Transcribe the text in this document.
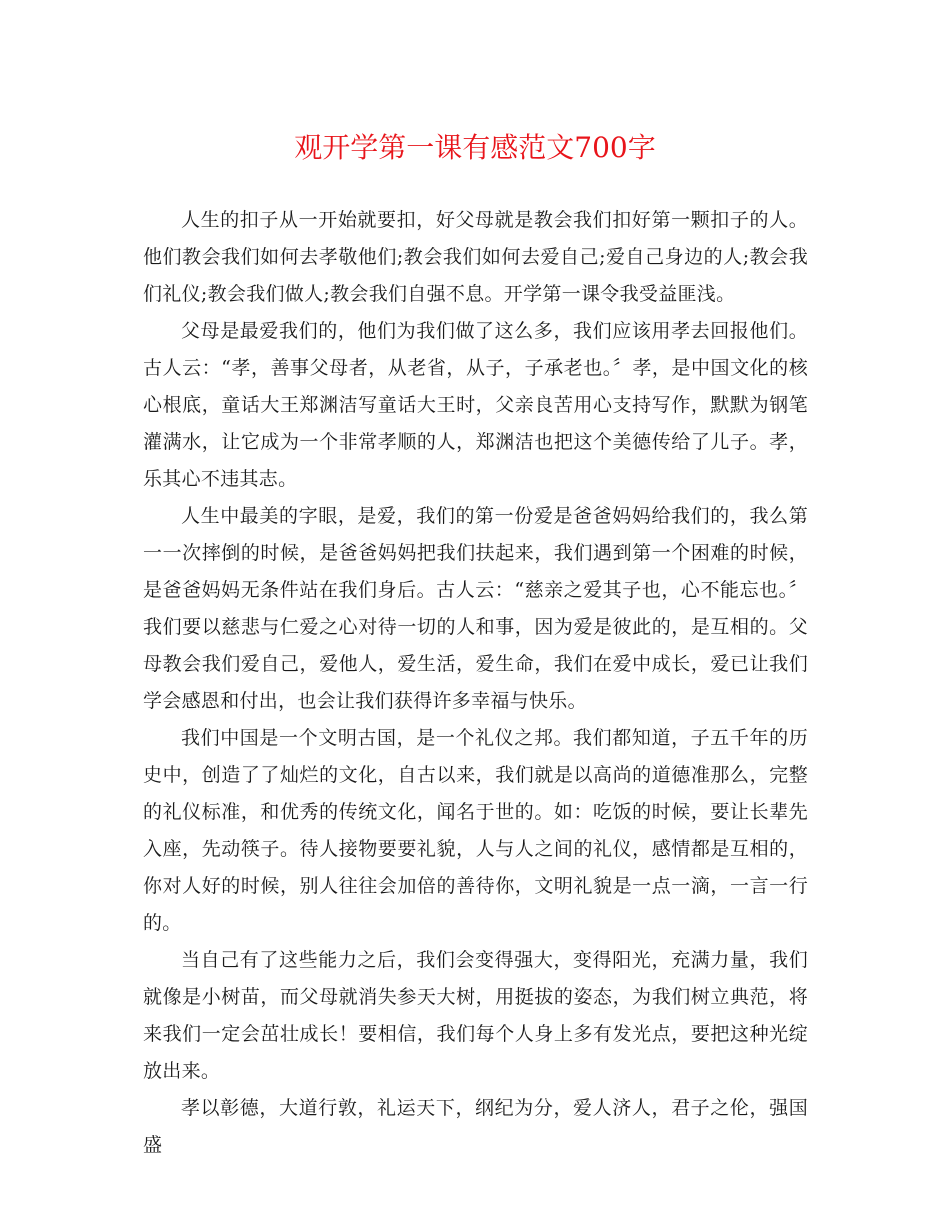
观开学第一课有感范文700字

人生的扣子从一开始就要扣，好父母就是教会我们扣好第一颗扣子的人。他们教会我们如何去孝敬他们;教会我们如何去爱自己;爱自己身边的人;教会我们礼仪;教会我们做人;教会我们自强不息。开学第一课令我受益匪浅。

父母是最爱我们的，他们为我们做了这么多，我们应该用孝去回报他们。古人云：“孝，善事父母者，从老省，从子，子承老也。〞孝，是中国文化的核心根底，童话大王郑渊洁写童话大王时，父亲良苦用心支持写作，默默为钢笔灌满水，让它成为一个非常孝顺的人，郑渊洁也把这个美德传给了儿子。孝，乐其心不违其志。

人生中最美的字眼，是爱，我们的第一份爱是爸爸妈妈给我们的，我么第一一次摔倒的时候，是爸爸妈妈把我们扶起来，我们遇到第一个困难的时候，是爸爸妈妈无条件站在我们身后。古人云：“慈亲之爱其子也，心不能忘也。〞我们要以慈悲与仁爱之心对待一切的人和事，因为爱是彼此的，是互相的。父母教会我们爱自己，爱他人，爱生活，爱生命，我们在爱中成长，爱已让我们学会感恩和付出，也会让我们获得许多幸福与快乐。

我们中国是一个文明古国，是一个礼仪之邦。我们都知道，子五千年的历史中，创造了了灿烂的文化，自古以来，我们就是以高尚的道德准那么，完整的礼仪标准，和优秀的传统文化，闻名于世的。如：吃饭的时候，要让长辈先入座，先动筷子。待人接物要要礼貌，人与人之间的礼仪，感情都是互相的，你对人好的时候，别人往往会加倍的善待你，文明礼貌是一点一滴，一言一行的。

当自己有了这些能力之后，我们会变得强大，变得阳光，充满力量，我们就像是小树苗，而父母就消失参天大树，用挺拔的姿态，为我们树立典范，将来我们一定会茁壮成长！要相信，我们每个人身上多有发光点，要把这种光绽放出来。

孝以彰德，大道行敦，礼运天下，纲纪为分，爱人济人，君子之伦，强国盛
